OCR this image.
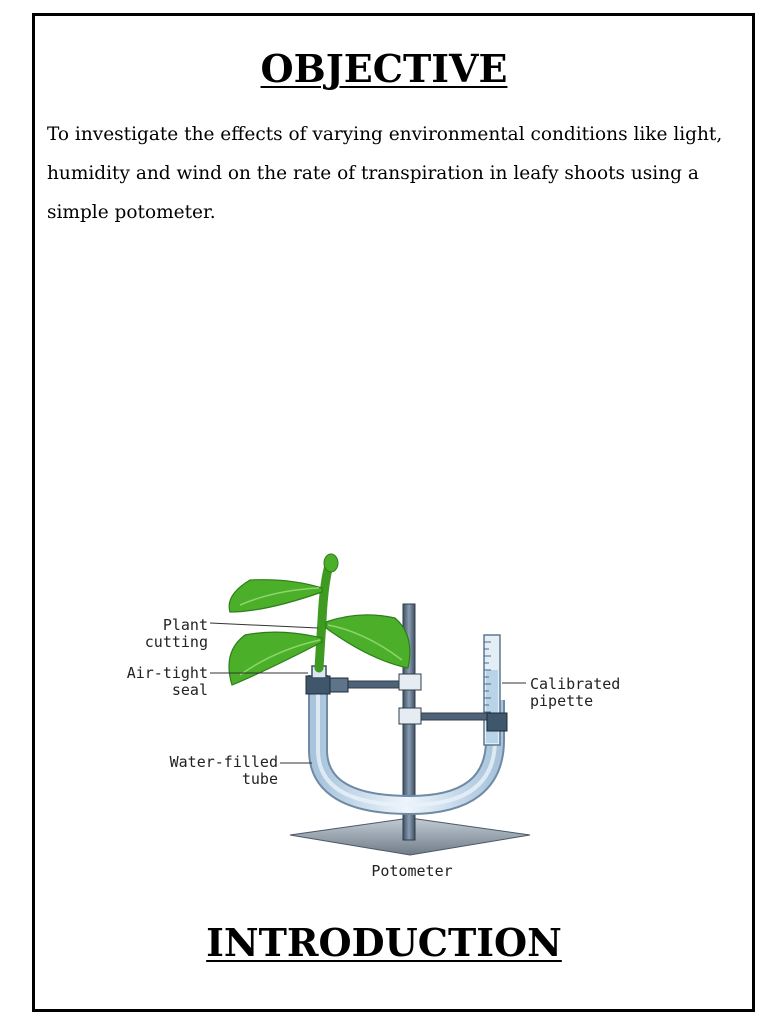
OBJECTIVE

To investigate the effects of varying environmental conditions like light, humidity and wind on the rate of transpiration in leafy shoots using a simple potometer.

Plant
cutting
Air-tight
seal
Water-filled
tube
Calibrated
pipette
Potometer
INTRODUCTION
